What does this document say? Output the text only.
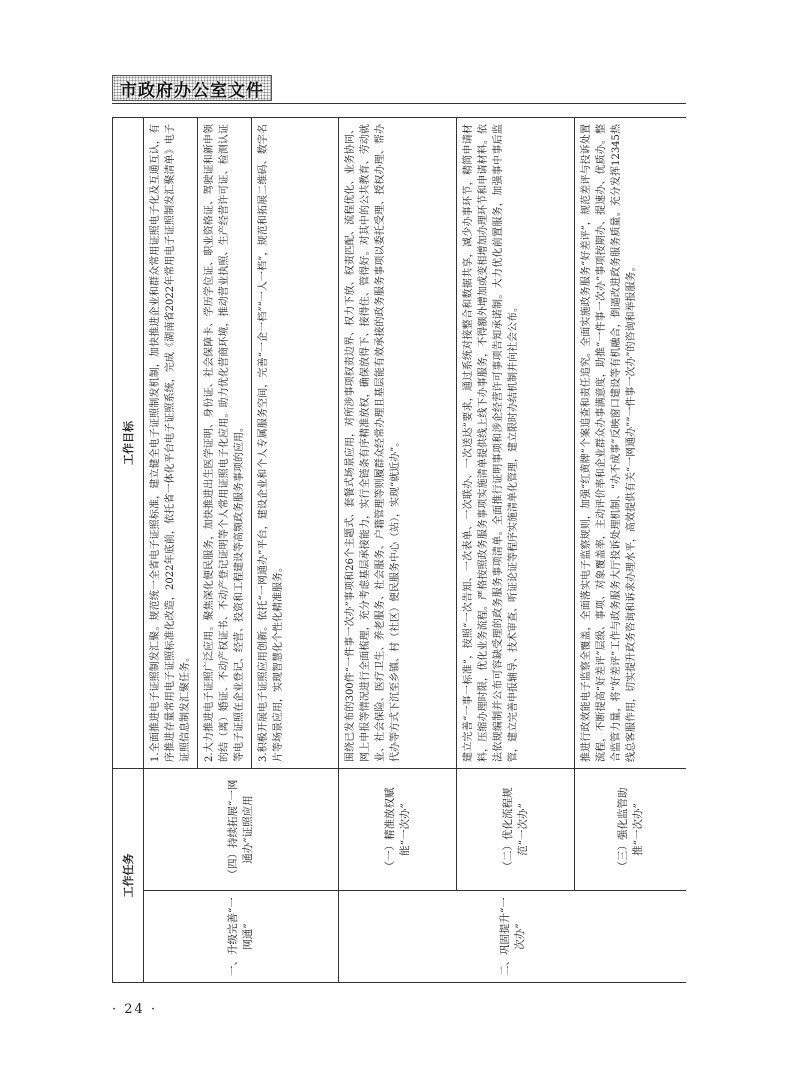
市政府办公室文件
工作任务		工作目标
一、升级完善“一网通”	（四）持续拓展“一网通办”证照应用	1.全面推进电子证照制发汇聚。规范统一全省电子证照标准，建立健全电子证照制发机制，加快推进企业和群众常用证照电子化及互通互认，有序推进存量常用电子证照标准化改造，2022年底前，依托省一体化平台电子证照系统，完成《湖南省2022年常用电子证照制发汇聚清单》电子证照信息制发汇聚任务。 2.大力推进电子证照广泛应用。聚焦深化便民服务，加快推进出生医学证明、身份证、社会保障卡、学历学位证、职业资格证、驾驶证和新申领的结（离）婚证、不动产权证书、不动产登记证明等个人常用证照电子化应用。助力优化营商环境，推动营业执照、生产经营许可证、检测认证等电子证照在企业登记、经营、投资和工程建设等高频政务服务事项的应用。 3.积极开展电子证照应用创新。依托“一网通办”平台，建设企业和个人专属服务空间，完善“一企一档”“一人一档”，规范和拓展二维码、数字名片等场景应用，实现智慧化个性化精准服务。

二、巩固提升“一次办”	（一）精准放权赋能“一次办”	围绕已发布的300件“一件事一次办”事项和26个主题式、套餐式场景应用，对所涉事项权责边界、权力下放、权责匹配、流程优化、业务协同、网上申报等情况进行全面梳理，充分考虑基层承接能力，实行全链条有序精准放权，确保放得下、接得住、管得好。对其中的公共教育、劳动就业、社会保险、医疗卫生、养老服务、社会服务、户籍管理等则履群众经常办理且基层能有效承接的政务服务事项以委托受理、授权办理、帮办代办等方式下沉至乡镇、村（社区）便民服务中心（站），实现“就近办”。
	（二）优化流程规范“一次办”	建立完善“一事一标准”，按照“一次告知、一次表单、一次联办、一次送达”要求，通过系统对接整合和数据共享，减少办事环节，精简申请材料，压缩办理时限，优化业务流程。严格按照政务服务事项实施清单提供线上线下办事服务，不得额外增加或变相增加办理环节和申请材料。依法依规编制并公布可容缺受理的政务服务事项清单。全面推行证明事项和涉企经营许可事项告知承诺制。大力优化前置服务，加强事中事后监管，建立完善申报辅导、技术审查、听证论证等程序实施清单化管理，建立限时办结机制并向社会公布。
	（三）强化监管助推“一次办”	推进行政效能电子监察全覆盖，全面落实电子监察规则，加强“红黄牌”个案追查和责任追究。全面实施政务服务“好差评”，规范差评与投诉处置流程，不断提高“好差评”层级、事项、对象覆盖率，主动评价率和企业群众办事满意度，助推“一件事一次办”事项按期办、提速办、优质办。整合监管力量，将“好差评”工作与政务服务大厅投诉处理机制、“办不成事”反映窗口建设等有机融合，倒逼改进政务服务质量。充分发挥12345热线总客服作用，切实提升政务咨询和诉求办理水平，高效提供有关“一网通办”“一件事一次办”的咨询和举报服务。
· 24 ·
